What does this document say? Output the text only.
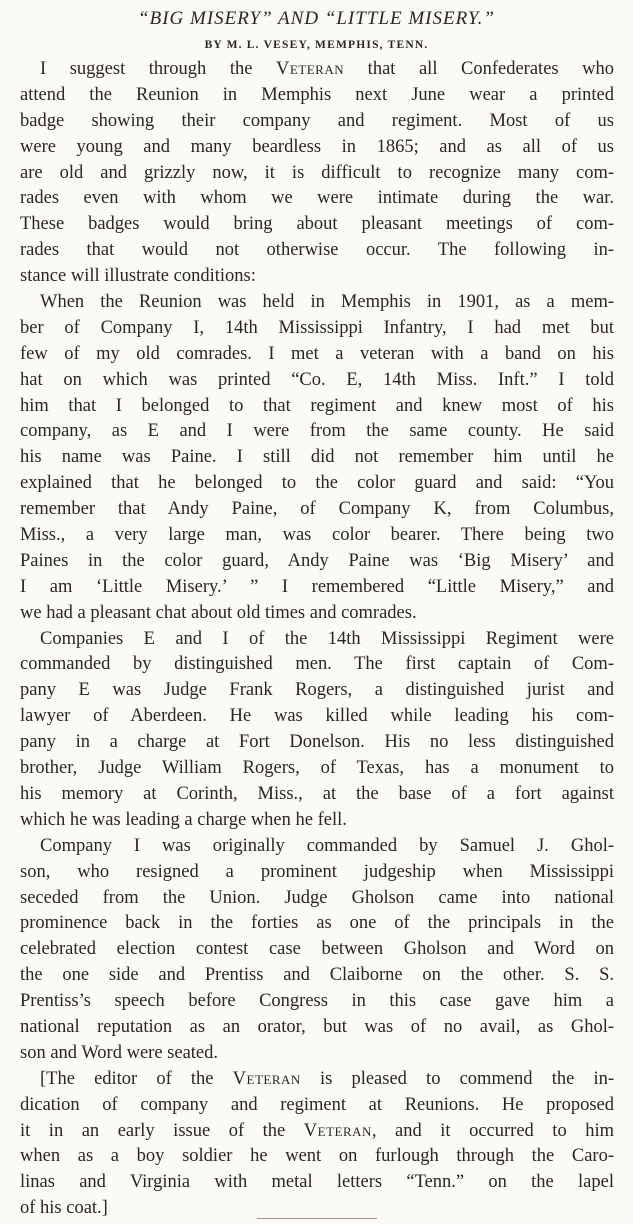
“BIG MISERY” AND “LITTLE MISERY.”
BY M. L. VESEY, MEMPHIS, TENN.
I suggest through the Veteran that all Confederates who
attend the Reunion in Memphis next June wear a printed
badge showing their company and regiment. Most of us
were young and many beardless in 1865; and as all of us
are old and grizzly now, it is difficult to recognize many com-
rades even with whom we were intimate during the war.
These badges would bring about pleasant meetings of com-
rades that would not otherwise occur. The following in-
stance will illustrate conditions:
When the Reunion was held in Memphis in 1901, as a mem-
ber of Company I, 14th Mississippi Infantry, I had met but
few of my old comrades. I met a veteran with a band on his
hat on which was printed “Co. E, 14th Miss. Inft.” I told
him that I belonged to that regiment and knew most of his
company, as E and I were from the same county. He said
his name was Paine. I still did not remember him until he
explained that he belonged to the color guard and said: “You
remember that Andy Paine, of Company K, from Columbus,
Miss., a very large man, was color bearer. There being two
Paines in the color guard, Andy Paine was ‘Big Misery’ and
I am ‘Little Misery.’ ” I remembered “Little Misery,” and
we had a pleasant chat about old times and comrades.
Companies E and I of the 14th Mississippi Regiment were
commanded by distinguished men. The first captain of Com-
pany E was Judge Frank Rogers, a distinguished jurist and
lawyer of Aberdeen. He was killed while leading his com-
pany in a charge at Fort Donelson. His no less distinguished
brother, Judge William Rogers, of Texas, has a monument to
his memory at Corinth, Miss., at the base of a fort against
which he was leading a charge when he fell.
Company I was originally commanded by Samuel J. Ghol-
son, who resigned a prominent judgeship when Mississippi
seceded from the Union. Judge Gholson came into national
prominence back in the forties as one of the principals in the
celebrated election contest case between Gholson and Word on
the one side and Prentiss and Claiborne on the other. S. S.
Prentiss’s speech before Congress in this case gave him a
national reputation as an orator, but was of no avail, as Ghol-
son and Word were seated.
[The editor of the Veteran is pleased to commend the in-
dication of company and regiment at Reunions. He proposed
it in an early issue of the Veteran, and it occurred to him
when as a boy soldier he went on furlough through the Caro-
linas and Virginia with metal letters “Tenn.” on the lapel
of his coat.]
